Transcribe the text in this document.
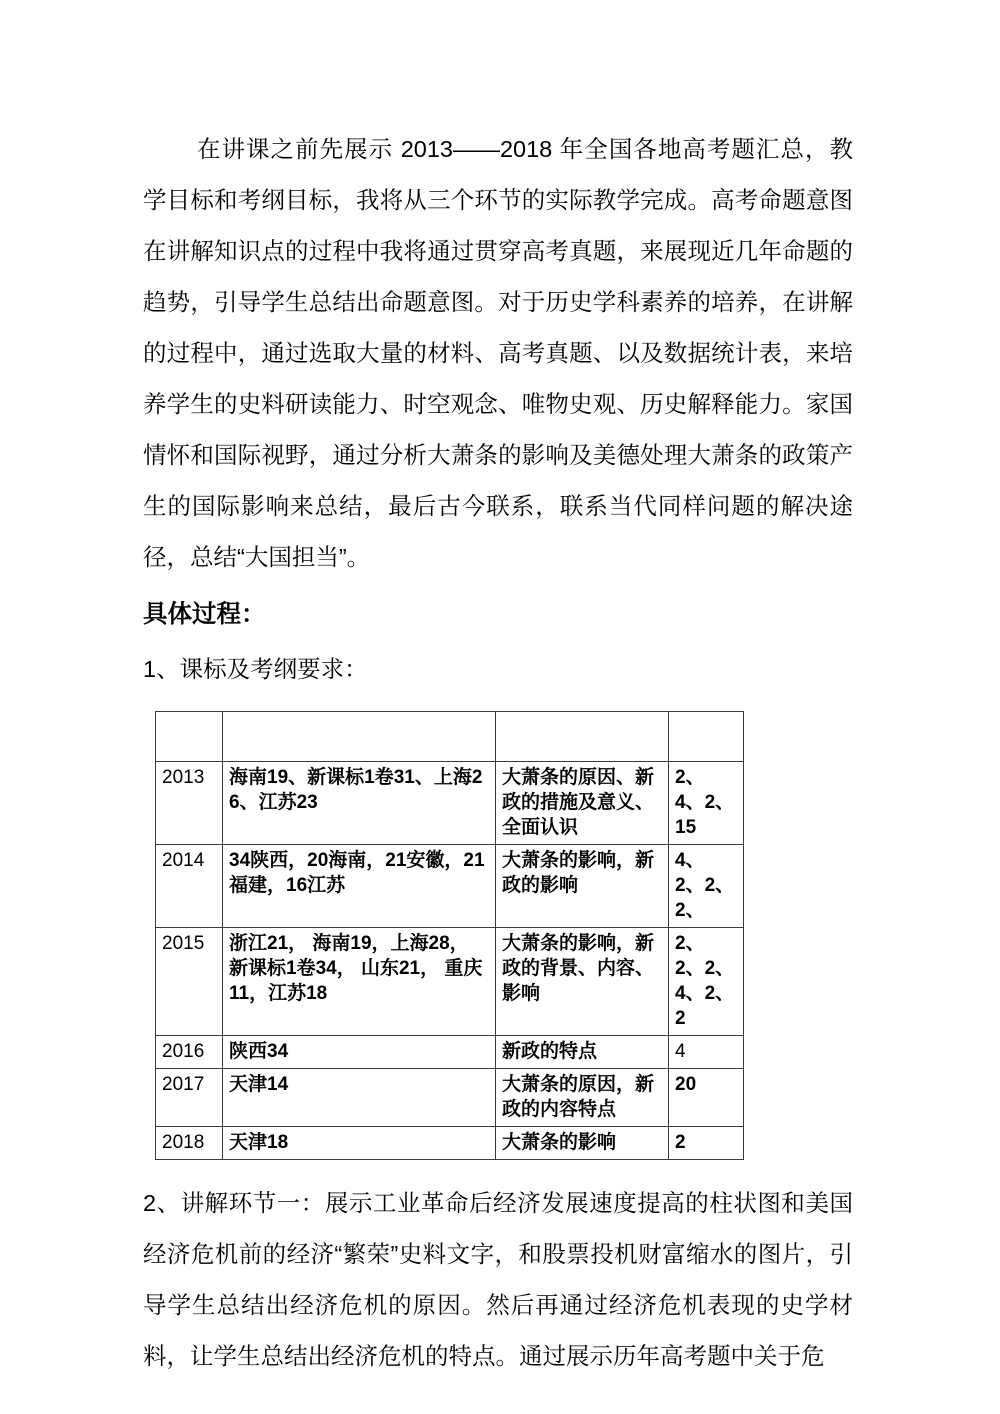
在讲课之前先展示 2013——2018 年全国各地高考题汇总，教学目标和考纲目标，我将从三个环节的实际教学完成。高考命题意图在讲解知识点的过程中我将通过贯穿高考真题，来展现近几年命题的趋势，引导学生总结出命题意图。对于历史学科素养的培养，在讲解的过程中，通过选取大量的材料、高考真题、以及数据统计表，来培养学生的史料研读能力、时空观念、唯物史观、历史解释能力。家国情怀和国际视野，通过分析大萧条的影响及美德处理大萧条的政策产生的国际影响来总结，最后古今联系，联系当代同样问题的解决途径，总结“大国担当”。

具体过程：

1、课标及考纲要求：

2013	海南19、新课标1卷31、上海26、江苏23	大萧条的原因、新政的措施及意义、全面认识	2、 4、2、 15
2014	34陕西，20海南，21安徽，21福建，16江苏	大萧条的影响，新政的影响	4、 2、2、 2、
2015	浙江21， 海南19，上海28， 新课标1卷34， 山东21， 重庆11，江苏18	大萧条的影响，新政的背景、内容、影响	2、 2、2、 4、2、 2
2016	陕西34	新政的特点	4
2017	天津14	大萧条的原因，新政的内容特点	20
2018	天津18	大萧条的影响	2

2、讲解环节一：展示工业革命后经济发展速度提高的柱状图和美国经济危机前的经济“繁荣”史料文字，和股票投机财富缩水的图片，引导学生总结出经济危机的原因。然后再通过经济危机表现的史学材料，让学生总结出经济危机的特点。通过展示历年高考题中关于危
